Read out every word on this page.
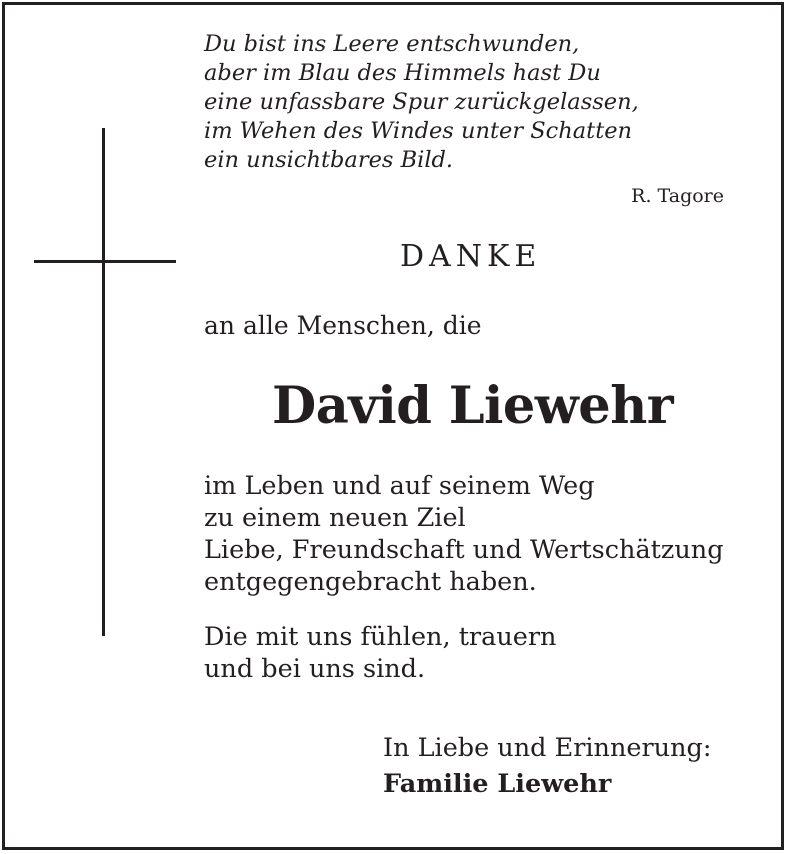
Du bist ins Leere entschwunden,
aber im Blau des Himmels hast Du
eine unfassbare Spur zurückgelassen,
im Wehen des Windes unter Schatten
ein unsichtbares Bild.
R. Tagore
DANKE
an alle Menschen, die
David Liewehr
im Leben und auf seinem Weg
zu einem neuen Ziel
Liebe, Freundschaft und Wertschätzung
entgegengebracht haben.
Die mit uns fühlen, trauern
und bei uns sind.
In Liebe und Erinnerung:
Familie Liewehr
